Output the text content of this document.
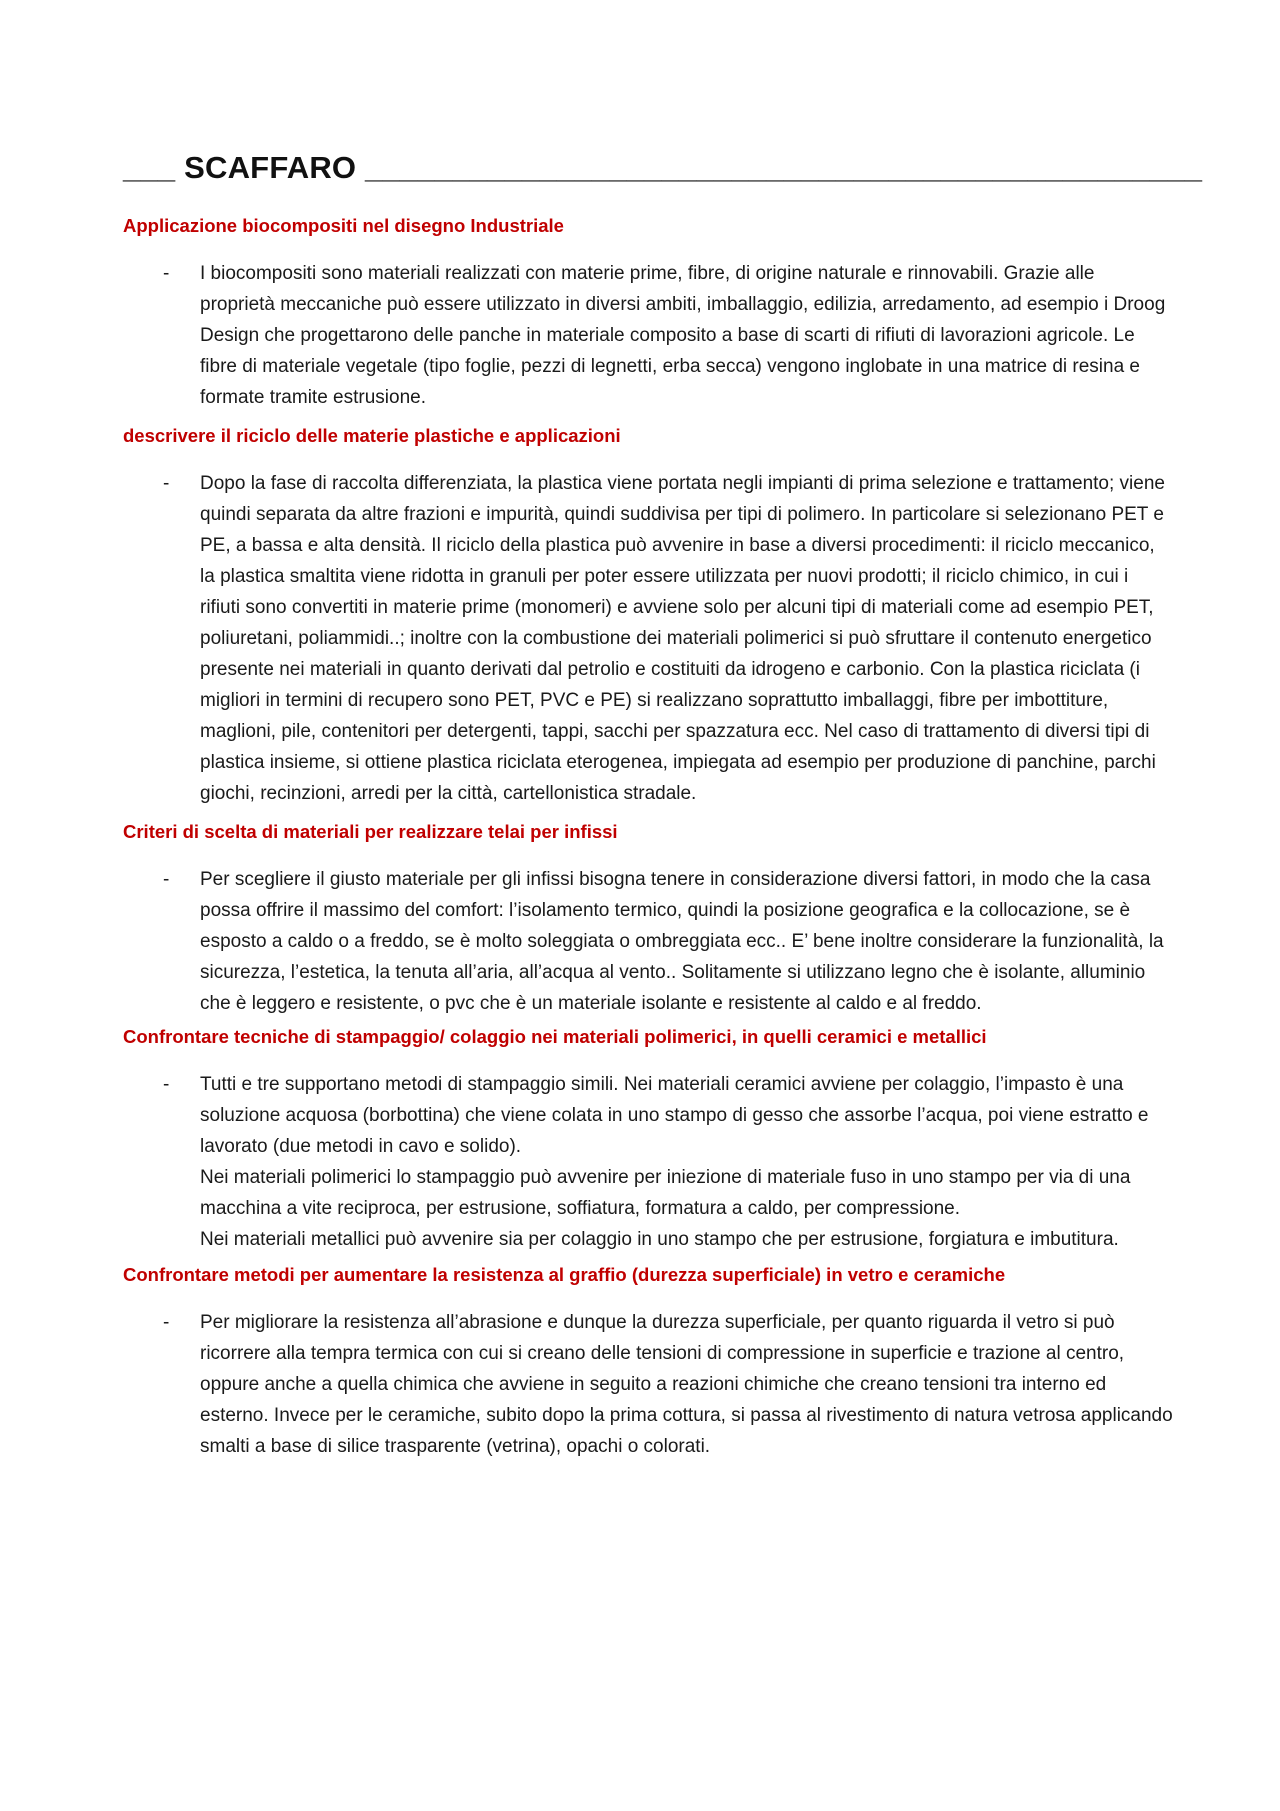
___ SCAFFARO ________________________________________________
Applicazione biocompositi nel disegno Industriale
-	I biocompositi sono materiali realizzati con materie prime, fibre, di origine naturale e rinnovabili. Grazie alle proprietà meccaniche può essere utilizzato in diversi ambiti, imballaggio, edilizia, arredamento, ad esempio i Droog Design che progettarono delle panche in materiale composito a base di scarti di rifiuti di lavorazioni agricole. Le fibre di materiale vegetale (tipo foglie, pezzi di legnetti, erba secca) vengono inglobate in una matrice di resina e formate tramite estrusione.

descrivere il riciclo delle materie plastiche e applicazioni
-	Dopo la fase di raccolta differenziata, la plastica viene portata negli impianti di prima selezione e trattamento; viene quindi separata da altre frazioni e impurità, quindi suddivisa per tipi di polimero. In particolare si selezionano PET e PE, a bassa e alta densità. Il riciclo della plastica può avvenire in base a diversi procedimenti: il riciclo meccanico, la plastica smaltita viene ridotta in granuli per poter essere utilizzata per nuovi prodotti; il riciclo chimico, in cui i rifiuti sono convertiti in materie prime (monomeri) e avviene solo per alcuni tipi di materiali come ad esempio PET, poliuretani, poliammidi..; inoltre con la combustione dei materiali polimerici si può sfruttare il contenuto energetico presente nei materiali in quanto derivati dal petrolio e costituiti da idrogeno e carbonio. Con la plastica riciclata (i migliori in termini di recupero sono PET, PVC e PE) si realizzano soprattutto imballaggi, fibre per imbottiture, maglioni, pile, contenitori per detergenti, tappi, sacchi per spazzatura ecc. Nel caso di trattamento di diversi tipi di plastica insieme, si ottiene plastica riciclata eterogenea, impiegata ad esempio per produzione di panchine, parchi giochi, recinzioni, arredi per la città, cartellonistica stradale.

Criteri di scelta di materiali per realizzare telai per infissi
-	Per scegliere il giusto materiale per gli infissi bisogna tenere in considerazione diversi fattori, in modo che la casa possa offrire il massimo del comfort: l’isolamento termico, quindi la posizione geografica e la collocazione, se è esposto a caldo o a freddo, se è molto soleggiata o ombreggiata ecc.. E’ bene inoltre considerare la funzionalità, la sicurezza, l’estetica, la tenuta all’aria, all’acqua al vento.. Solitamente si utilizzano legno che è isolante, alluminio che è leggero e resistente, o pvc che è un materiale isolante e resistente al caldo e al freddo.

Confrontare tecniche di stampaggio/ colaggio nei materiali polimerici, in quelli ceramici e metallici
-	Tutti e tre supportano metodi di stampaggio simili. Nei materiali ceramici avviene per colaggio, l’impasto è una soluzione acquosa (borbottina) che viene colata in uno stampo di gesso che assorbe l’acqua, poi viene estratto e lavorato (due metodi in cavo e solido).

Nei materiali polimerici lo stampaggio può avvenire per iniezione di materiale fuso in uno stampo per via di una macchina a vite reciproca, per estrusione, soffiatura, formatura a caldo, per compressione.

Nei materiali metallici può avvenire sia per colaggio in uno stampo che per estrusione, forgiatura e imbutitura.

Confrontare metodi per aumentare la resistenza al graffio (durezza superficiale) in vetro e ceramiche
-	Per migliorare la resistenza all’abrasione e dunque la durezza superficiale, per quanto riguarda il vetro si può ricorrere alla tempra termica con cui si creano delle tensioni di compressione in superficie e trazione al centro, oppure anche a quella chimica che avviene in seguito a reazioni chimiche che creano tensioni tra interno ed esterno. Invece per le ceramiche, subito dopo la prima cottura, si passa al rivestimento di natura vetrosa applicando smalti a base di silice trasparente (vetrina), opachi o colorati.
